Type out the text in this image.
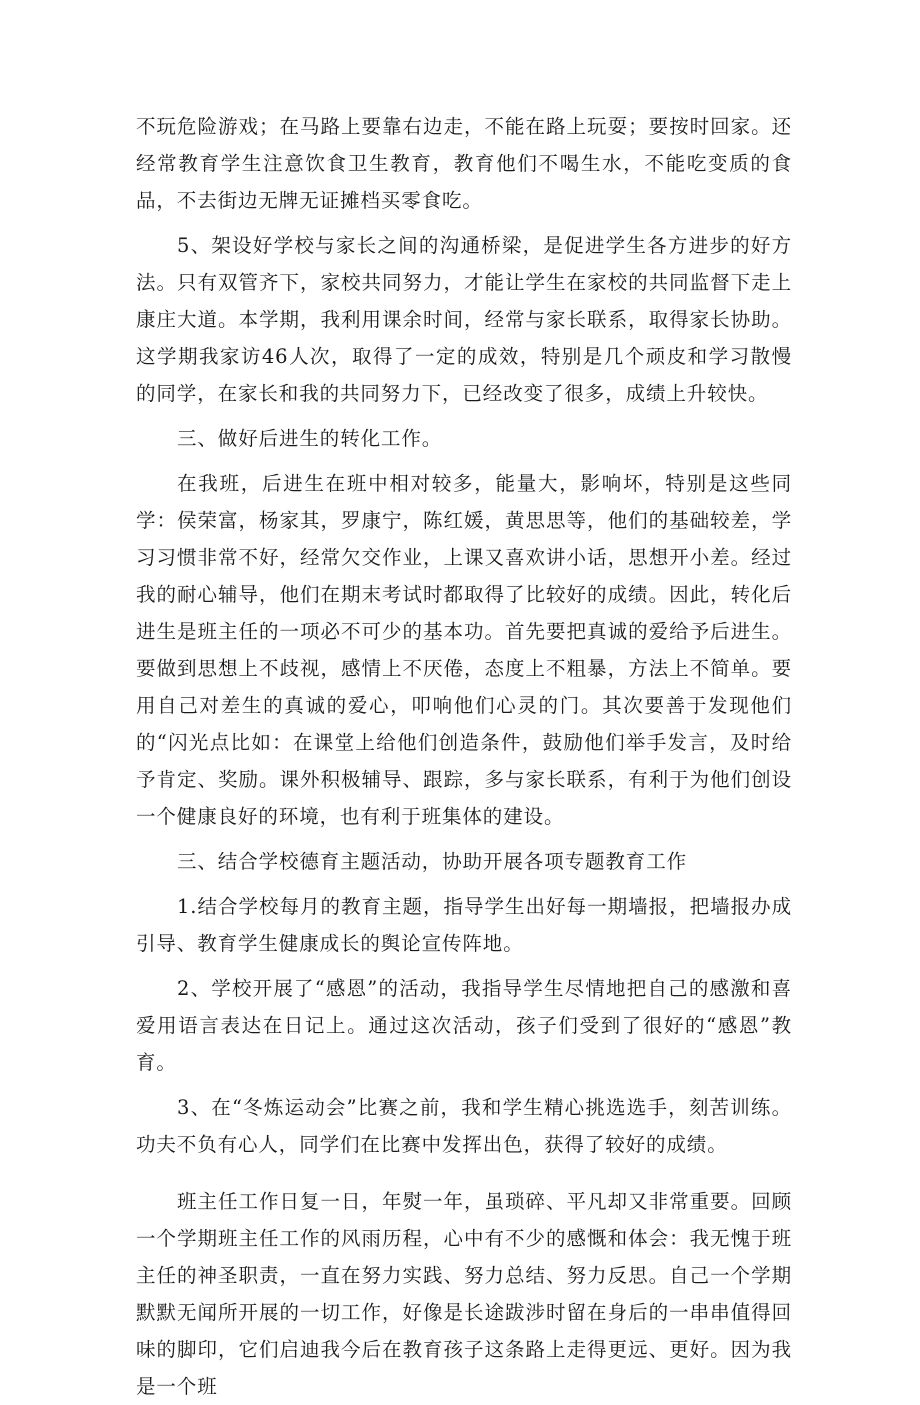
不玩危险游戏；在马路上要靠右边走，不能在路上玩耍；要按时回家。还经常教育学生注意饮食卫生教育，教育他们不喝生水，不能吃变质的食品，不去街边无牌无证摊档买零食吃。

5、架设好学校与家长之间的沟通桥梁，是促进学生各方进步的好方法。只有双管齐下，家校共同努力，才能让学生在家校的共同监督下走上康庄大道。本学期，我利用课余时间，经常与家长联系，取得家长协助。这学期我家访46人次，取得了一定的成效，特别是几个顽皮和学习散慢的同学，在家长和我的共同努力下，已经改变了很多，成绩上升较快。

三、做好后进生的转化工作。

在我班，后进生在班中相对较多，能量大，影响坏，特别是这些同学：侯荣富，杨家其，罗康宁，陈红媛，黄思思等，他们的基础较差，学习习惯非常不好，经常欠交作业，上课又喜欢讲小话，思想开小差。经过我的耐心辅导，他们在期末考试时都取得了比较好的成绩。因此，转化后进生是班主任的一项必不可少的基本功。首先要把真诚的爱给予后进生。要做到思想上不歧视，感情上不厌倦，态度上不粗暴，方法上不简单。要用自己对差生的真诚的爱心，叩响他们心灵的门。其次要善于发现他们的“闪光点比如：在课堂上给他们创造条件，鼓励他们举手发言，及时给予肯定、奖励。课外积极辅导、跟踪，多与家长联系，有利于为他们创设一个健康良好的环境，也有利于班集体的建设。

三、结合学校德育主题活动，协助开展各项专题教育工作

1.结合学校每月的教育主题，指导学生出好每一期墙报，把墙报办成引导、教育学生健康成长的舆论宣传阵地。

2、学校开展了“感恩”的活动，我指导学生尽情地把自己的感激和喜爱用语言表达在日记上。通过这次活动，孩子们受到了很好的“感恩”教育。

3、在“冬炼运动会”比赛之前，我和学生精心挑选选手，刻苦训练。功夫不负有心人，同学们在比赛中发挥出色，获得了较好的成绩。

班主任工作日复一日，年熨一年，虽琐碎、平凡却又非常重要。回顾一个学期班主任工作的风雨历程，心中有不少的感慨和体会：我无愧于班主任的神圣职责，一直在努力实践、努力总结、努力反思。自己一个学期默默无闻所开展的一切工作，好像是长途跋涉时留在身后的一串串值得回味的脚印，它们启迪我今后在教育孩子这条路上走得更远、更好。因为我是一个班
